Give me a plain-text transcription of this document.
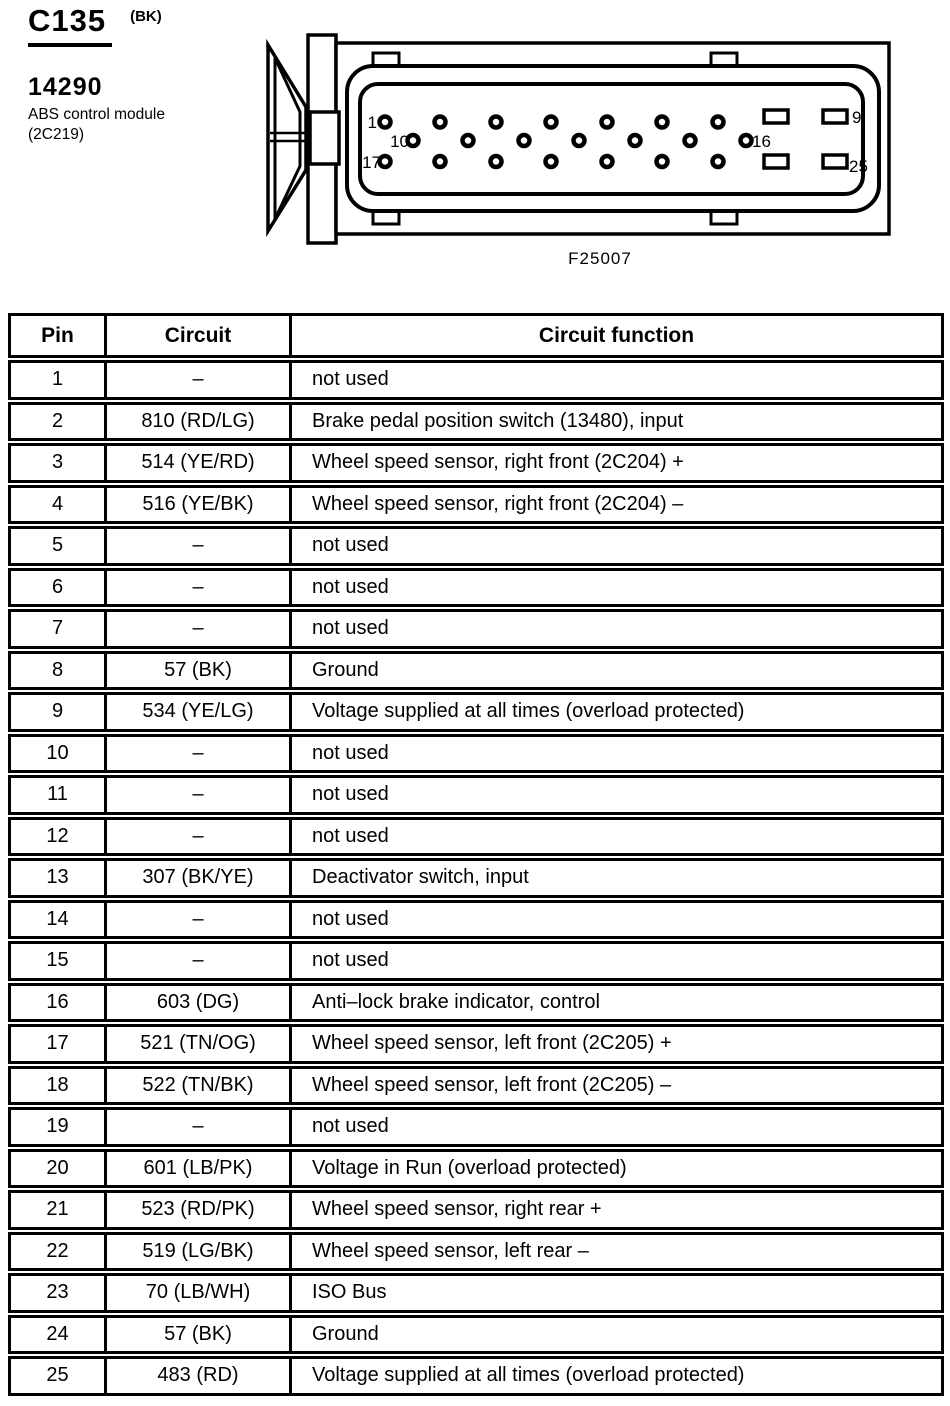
C135	(BK)
14290
ABS control module
(2C219)
1
10
17
9
16
25
F25007
Pin	Circuit	Circuit function
1	–	not used
2	810 (RD/LG)	Brake pedal position switch (13480), input
3	514 (YE/RD)	Wheel speed sensor, right front (2C204) +
4	516 (YE/BK)	Wheel speed sensor, right front (2C204) –
5	–	not used
6	–	not used
7	–	not used
8	57 (BK)	Ground
9	534 (YE/LG)	Voltage supplied at all times (overload protected)
10	–	not used
11	–	not used
12	–	not used
13	307 (BK/YE)	Deactivator switch, input
14	–	not used
15	–	not used
16	603 (DG)	Anti–lock brake indicator, control
17	521 (TN/OG)	Wheel speed sensor, left front (2C205) +
18	522 (TN/BK)	Wheel speed sensor, left front (2C205) –
19	–	not used
20	601 (LB/PK)	Voltage in Run (overload protected)
21	523 (RD/PK)	Wheel speed sensor, right rear +
22	519 (LG/BK)	Wheel speed sensor, left rear –
23	70 (LB/WH)	ISO Bus
24	57 (BK)	Ground
25	483 (RD)	Voltage supplied at all times (overload protected)
